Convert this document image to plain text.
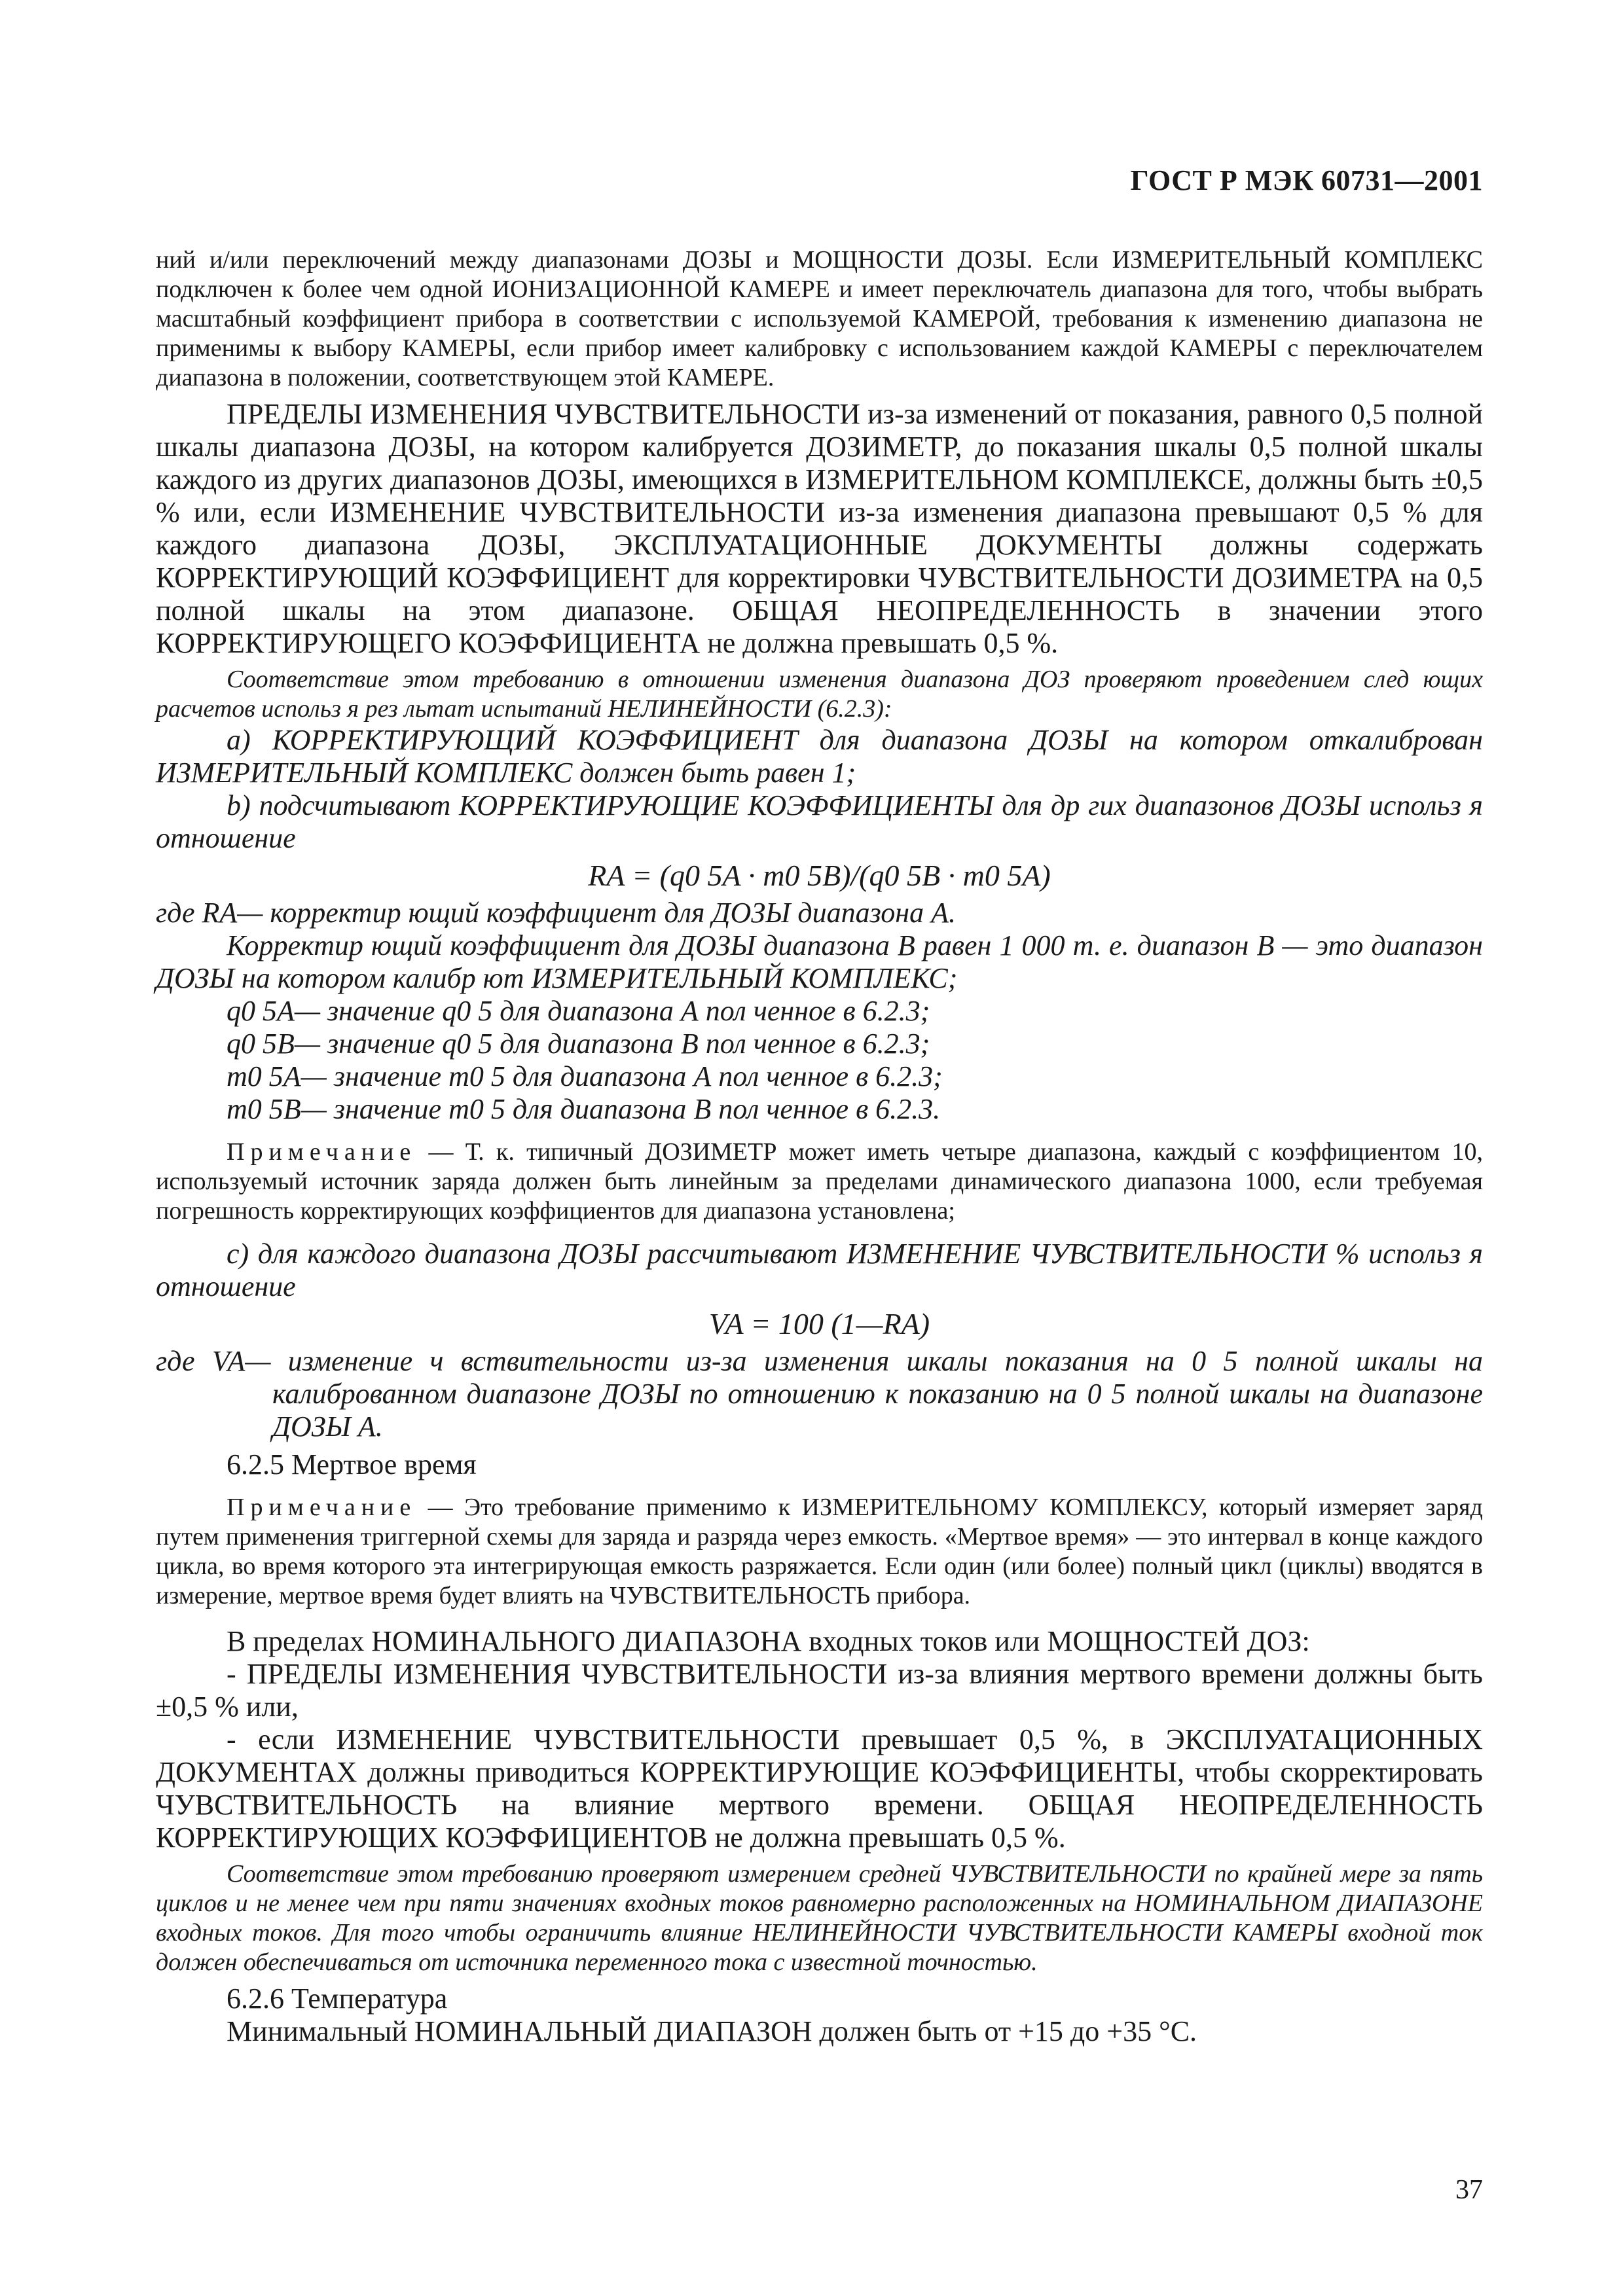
ГОСТ Р МЭК 60731—2001

ний и/или переключений между диапазонами ДОЗЫ и МОЩНОСТИ ДОЗЫ. Если ИЗМЕРИТЕЛЬНЫЙ КОМПЛЕКС подключен к более чем одной ИОНИЗАЦИОННОЙ КАМЕРЕ и имеет переключатель диапазона для того, чтобы выбрать масштабный коэффициент прибора в соответствии с используемой КАМЕРОЙ, требования к изменению диапазона не применимы к выбору КАМЕРЫ, если прибор имеет калибровку с использованием каждой КАМЕРЫ с переключателем диапазона в положении, соответствующем этой КАМЕРЕ.

ПРЕДЕЛЫ ИЗМЕНЕНИЯ ЧУВСТВИТЕЛЬНОСТИ из-за изменений от показания, равного 0,5 полной шкалы диапазона ДОЗЫ, на котором калибруется ДОЗИМЕТР, до показания шкалы 0,5 полной шкалы каждого из других диапазонов ДОЗЫ, имеющихся в ИЗМЕРИТЕЛЬНОМ КОМПЛЕКСЕ, должны быть ±0,5 % или, если ИЗМЕНЕНИЕ ЧУВСТВИТЕЛЬНОСТИ из-за изменения диапазона превышают 0,5 % для каждого диапазона ДОЗЫ, ЭКСПЛУАТАЦИОННЫЕ ДОКУМЕНТЫ должны содержать КОРРЕКТИРУЮЩИЙ КОЭФФИЦИЕНТ для корректировки ЧУВСТВИТЕЛЬНОСТИ ДОЗИМЕТРА на 0,5 полной шкалы на этом диапазоне. ОБЩАЯ НЕОПРЕДЕЛЕННОСТЬ в значении этого КОРРЕКТИРУЮЩЕГО КОЭФФИЦИЕНТА не должна превышать 0,5 %.

Соответствие этом требованию в отношении изменения диапазона ДОЗ проверяют проведением след ющих расчетов использ я рез льтат испытаний НЕЛИНЕЙНОСТИ (6.2.3):

a) КОРРЕКТИРУЮЩИЙ КОЭФФИЦИЕНТ для диапазона ДОЗЫ на котором откалиброван ИЗМЕРИТЕЛЬНЫЙ КОМПЛЕКС должен быть равен 1;

b) подсчитывают КОРРЕКТИРУЮЩИЕ КОЭФФИЦИЕНТЫ для др гих диапазонов ДОЗЫ использ я отношение

RA = (q0 5A · m0 5B)/(q0 5B · m0 5A)

где RA— корректир ющий коэффициент для ДОЗЫ диапазона А.

Корректир ющий коэффициент для ДОЗЫ диапазона В равен 1 000 т. е. диапазон В — это диапазон ДОЗЫ на котором калибр ют ИЗМЕРИТЕЛЬНЫЙ КОМПЛЕКС;

q0 5A— значение q0 5 для диапазона А пол ченное в 6.2.3;

q0 5B— значение q0 5 для диапазона В пол ченное в 6.2.3;

m0 5A— значение m0 5 для диапазона А пол ченное в 6.2.3;

m0 5B— значение m0 5 для диапазона В пол ченное в 6.2.3.

Примечание — Т. к. типичный ДОЗИМЕТР может иметь четыре диапазона, каждый с коэффициентом 10, используемый источник заряда должен быть линейным за пределами динамического диапазона 1000, если требуемая погрешность корректирующих коэффициентов для диапазона установлена;

c) для каждого диапазона ДОЗЫ рассчитывают ИЗМЕНЕНИЕ ЧУВСТВИТЕЛЬНОСТИ % использ я отношение

VA = 100 (1—RA)

где VA— изменение ч вствительности из-за изменения шкалы показания на 0 5 полной шкалы на калиброванном диапазоне ДОЗЫ по отношению к показанию на 0 5 полной шкалы на диапазоне ДОЗЫ А.

6.2.5 Мертвое время

Примечание — Это требование применимо к ИЗМЕРИТЕЛЬНОМУ КОМПЛЕКСУ, который измеряет заряд путем применения триггерной схемы для заряда и разряда через емкость. «Мертвое время» — это интервал в конце каждого цикла, во время которого эта интегрирующая емкость разряжается. Если один (или более) полный цикл (циклы) вводятся в измерение, мертвое время будет влиять на ЧУВСТВИТЕЛЬНОСТЬ прибора.

В пределах НОМИНАЛЬНОГО ДИАПАЗОНА входных токов или МОЩНОСТЕЙ ДОЗ:

- ПРЕДЕЛЫ ИЗМЕНЕНИЯ ЧУВСТВИТЕЛЬНОСТИ из-за влияния мертвого времени должны быть ±0,5 % или,

- если ИЗМЕНЕНИЕ ЧУВСТВИТЕЛЬНОСТИ превышает 0,5 %, в ЭКСПЛУАТАЦИОННЫХ ДОКУМЕНТАХ должны приводиться КОРРЕКТИРУЮЩИЕ КОЭФФИЦИЕНТЫ, чтобы скорректировать ЧУВСТВИТЕЛЬНОСТЬ на влияние мертвого времени. ОБЩАЯ НЕОПРЕДЕЛЕННОСТЬ КОРРЕКТИРУЮЩИХ КОЭФФИЦИЕНТОВ не должна превышать 0,5 %.

Соответствие этом требованию проверяют измерением средней ЧУВСТВИТЕЛЬНОСТИ по крайней мере за пять циклов и не менее чем при пяти значениях входных токов равномерно расположенных на НОМИНАЛЬНОМ ДИАПАЗОНЕ входных токов. Для того чтобы ограничить влияние НЕЛИНЕЙНОСТИ ЧУВСТВИТЕЛЬНОСТИ КАМЕРЫ входной ток должен обеспечиваться от источника переменного тока с известной точностью.

6.2.6 Температура

Минимальный НОМИНАЛЬНЫЙ ДИАПАЗОН должен быть от +15 до +35 °С.

37
